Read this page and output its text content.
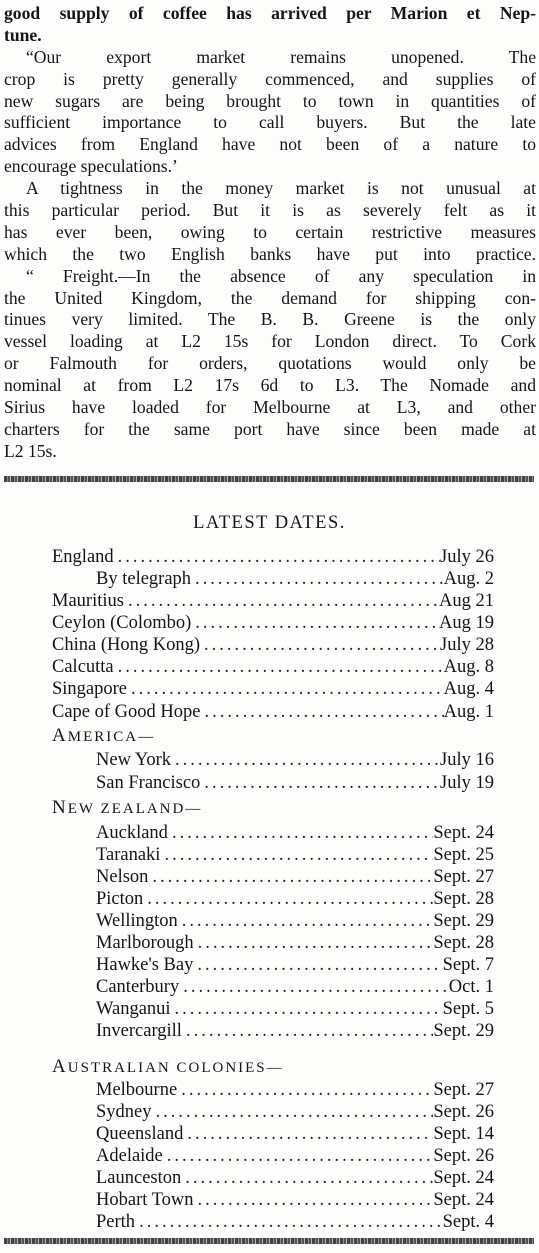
good supply of coffee has arrived per Marion et Nep-
tune.
“Our export market remains unopened. The
crop is pretty generally commenced, and supplies of
new sugars are being brought to town in quantities of
sufficient importance to call buyers. But the late
advices from England have not been of a nature to
encourage speculations.’
A tightness in the money market is not unusual at
this particular period. But it is as severely felt as it
has ever been, owing to certain restrictive measures
which the two English banks have put into practice.
“ Freight.—In the absence of any speculation in
the United Kingdom, the demand for shipping con-
tinues very limited. The B. B. Greene is the only
vessel loading at L2 15s for London direct. To Cork
or Falmouth for orders, quotations would only be
nominal at from L2 17s 6d to L3. The Nomade and
Sirius have loaded for Melbourne at L3, and other
charters for the same port have since been made at
L2 15s.
LATEST DATES.
England .....	July 26
By telegraph .....	Aug. 2
Mauritius .....	Aug 21
Ceylon (Colombo) .....	Aug 19
China (Hong Kong) .....	July 28
Calcutta .....	Aug. 8
Singapore .....	Aug. 4
Cape of Good Hope .....	Aug. 1
AMERICA—
New York .....	July 16
San Francisco .....	July 19
NEW ZEALAND—
Auckland .....	Sept. 24
Taranaki .....	Sept. 25
Nelson .....	Sept. 27
Picton .....	Sept. 28
Wellington .....	Sept. 29
Marlborough .....	Sept. 28
Hawke's Bay .....	Sept. 7
Canterbury .....	Oct. 1
Wanganui .....	Sept. 5
Invercargill .....	Sept. 29
AUSTRALIAN COLONIES—
Melbourne .....	Sept. 27
Sydney .....	Sept. 26
Queensland .....	Sept. 14
Adelaide .....	Sept. 26
Launceston .....	Sept. 24
Hobart Town .....	Sept. 24
Perth .....	Sept. 4
